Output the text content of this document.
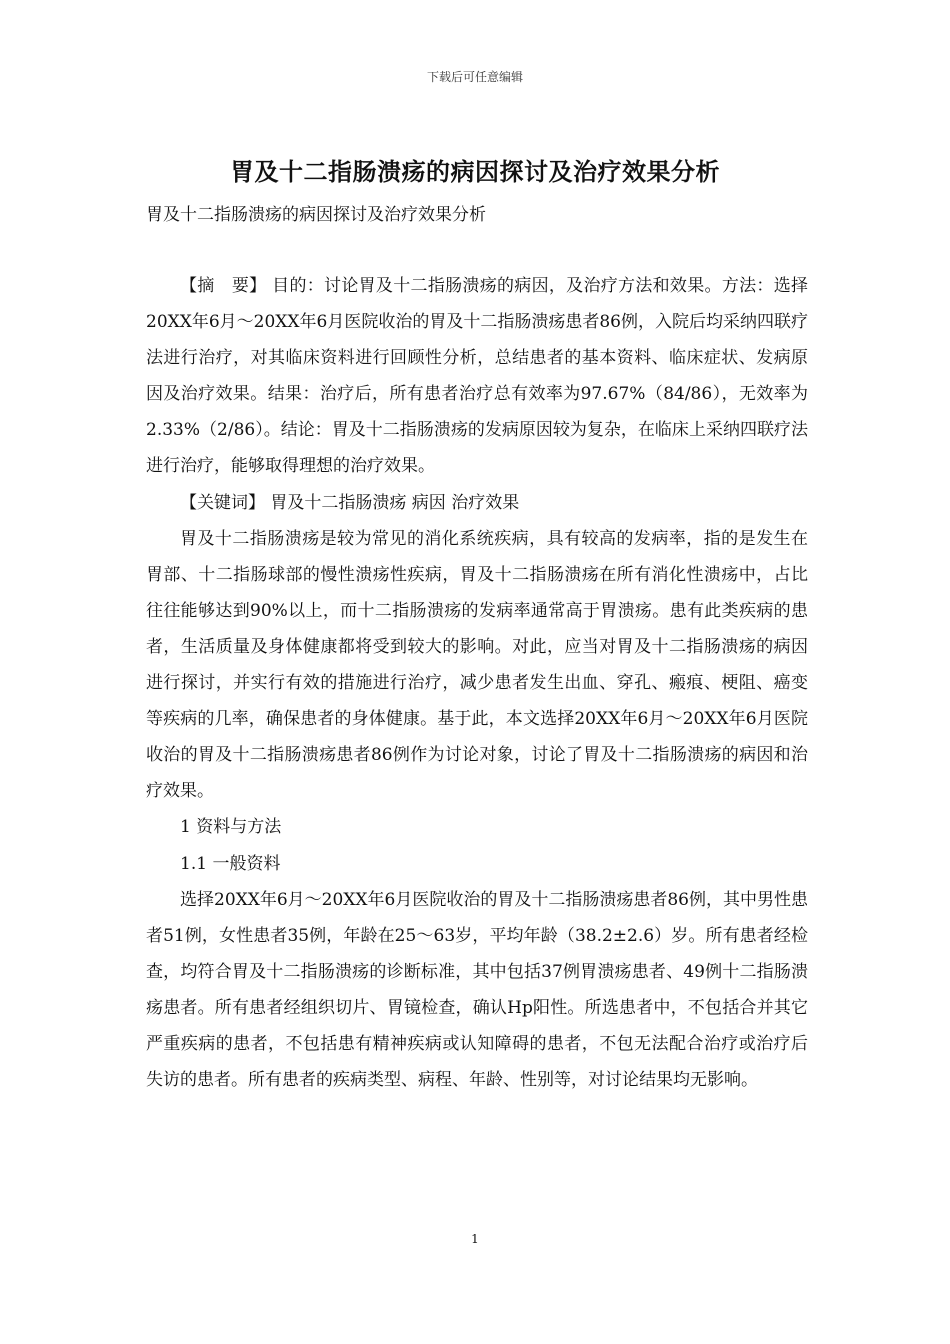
下载后可任意编辑
胃及十二指肠溃疡的病因探讨及治疗效果分析
胃及十二指肠溃疡的病因探讨及治疗效果分析

【摘　要】 目的：讨论胃及十二指肠溃疡的病因，及治疗方法和效果。方法：选择20XX年6月～20XX年6月医院收治的胃及十二指肠溃疡患者86例，入院后均采纳四联疗法进行治疗，对其临床资料进行回顾性分析，总结患者的基本资料、临床症状、发病原因及治疗效果。结果：治疗后，所有患者治疗总有效率为97.67%（84/86），无效率为2.33%（2/86）。结论：胃及十二指肠溃疡的发病原因较为复杂，在临床上采纳四联疗法进行治疗，能够取得理想的治疗效果。

【关键词】 胃及十二指肠溃疡 病因 治疗效果

胃及十二指肠溃疡是较为常见的消化系统疾病，具有较高的发病率，指的是发生在胃部、十二指肠球部的慢性溃疡性疾病，胃及十二指肠溃疡在所有消化性溃疡中，占比往往能够达到90%以上，而十二指肠溃疡的发病率通常高于胃溃疡。患有此类疾病的患者，生活质量及身体健康都将受到较大的影响。对此，应当对胃及十二指肠溃疡的病因进行探讨，并实行有效的措施进行治疗，减少患者发生出血、穿孔、瘢痕、梗阻、癌变等疾病的几率，确保患者的身体健康。基于此，本文选择20XX年6月～20XX年6月医院收治的胃及十二指肠溃疡患者86例作为讨论对象，讨论了胃及十二指肠溃疡的病因和治疗效果。

1 资料与方法

1.1 一般资料

选择20XX年6月～20XX年6月医院收治的胃及十二指肠溃疡患者86例，其中男性患者51例，女性患者35例，年龄在25～63岁，平均年龄（38.2±2.6）岁。所有患者经检查，均符合胃及十二指肠溃疡的诊断标准，其中包括37例胃溃疡患者、49例十二指肠溃疡患者。所有患者经组织切片、胃镜检查，确认Hp阳性。所选患者中，不包括合并其它严重疾病的患者，不包括患有精神疾病或认知障碍的患者，不包无法配合治疗或治疗后失访的患者。所有患者的疾病类型、病程、年龄、性别等，对讨论结果均无影响。

1
